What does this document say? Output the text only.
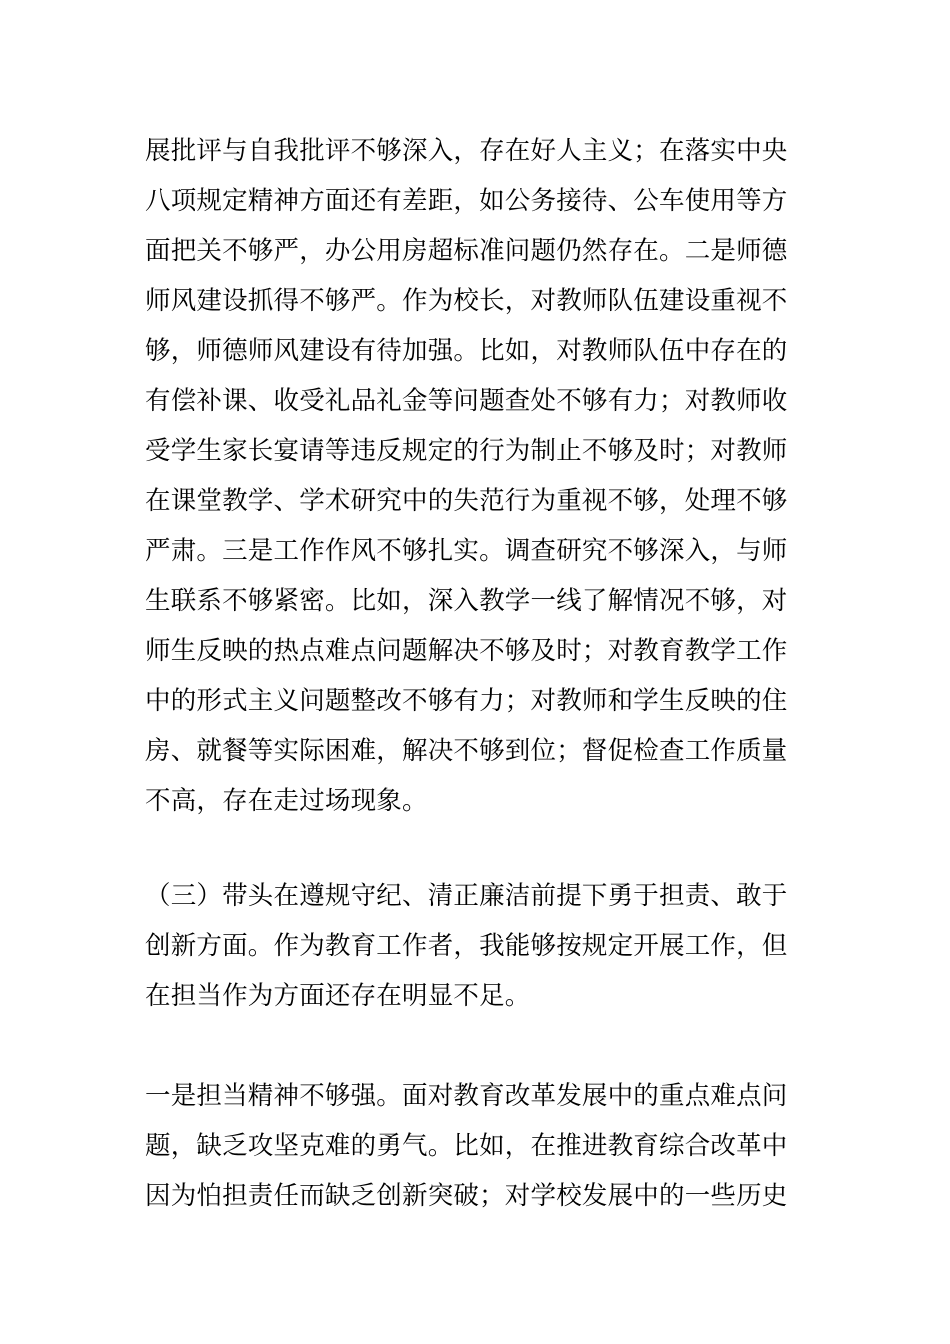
展批评与自我批评不够深入，存在好人主义；在落实中央
八项规定精神方面还有差距，如公务接待、公车使用等方
面把关不够严，办公用房超标准问题仍然存在。二是师德
师风建设抓得不够严。作为校长，对教师队伍建设重视不
够，师德师风建设有待加强。比如，对教师队伍中存在的
有偿补课、收受礼品礼金等问题查处不够有力；对教师收
受学生家长宴请等违反规定的行为制止不够及时；对教师
在课堂教学、学术研究中的失范行为重视不够，处理不够
严肃。三是工作作风不够扎实。调查研究不够深入，与师
生联系不够紧密。比如，深入教学一线了解情况不够，对
师生反映的热点难点问题解决不够及时；对教育教学工作
中的形式主义问题整改不够有力；对教师和学生反映的住
房、就餐等实际困难，解决不够到位；督促检查工作质量
不高，存在走过场现象。
（三）带头在遵规守纪、清正廉洁前提下勇于担责、敢于
创新方面。作为教育工作者，我能够按规定开展工作，但
在担当作为方面还存在明显不足。
一是担当精神不够强。面对教育改革发展中的重点难点问
题，缺乏攻坚克难的勇气。比如，在推进教育综合改革中
因为怕担责任而缺乏创新突破；对学校发展中的一些历史
